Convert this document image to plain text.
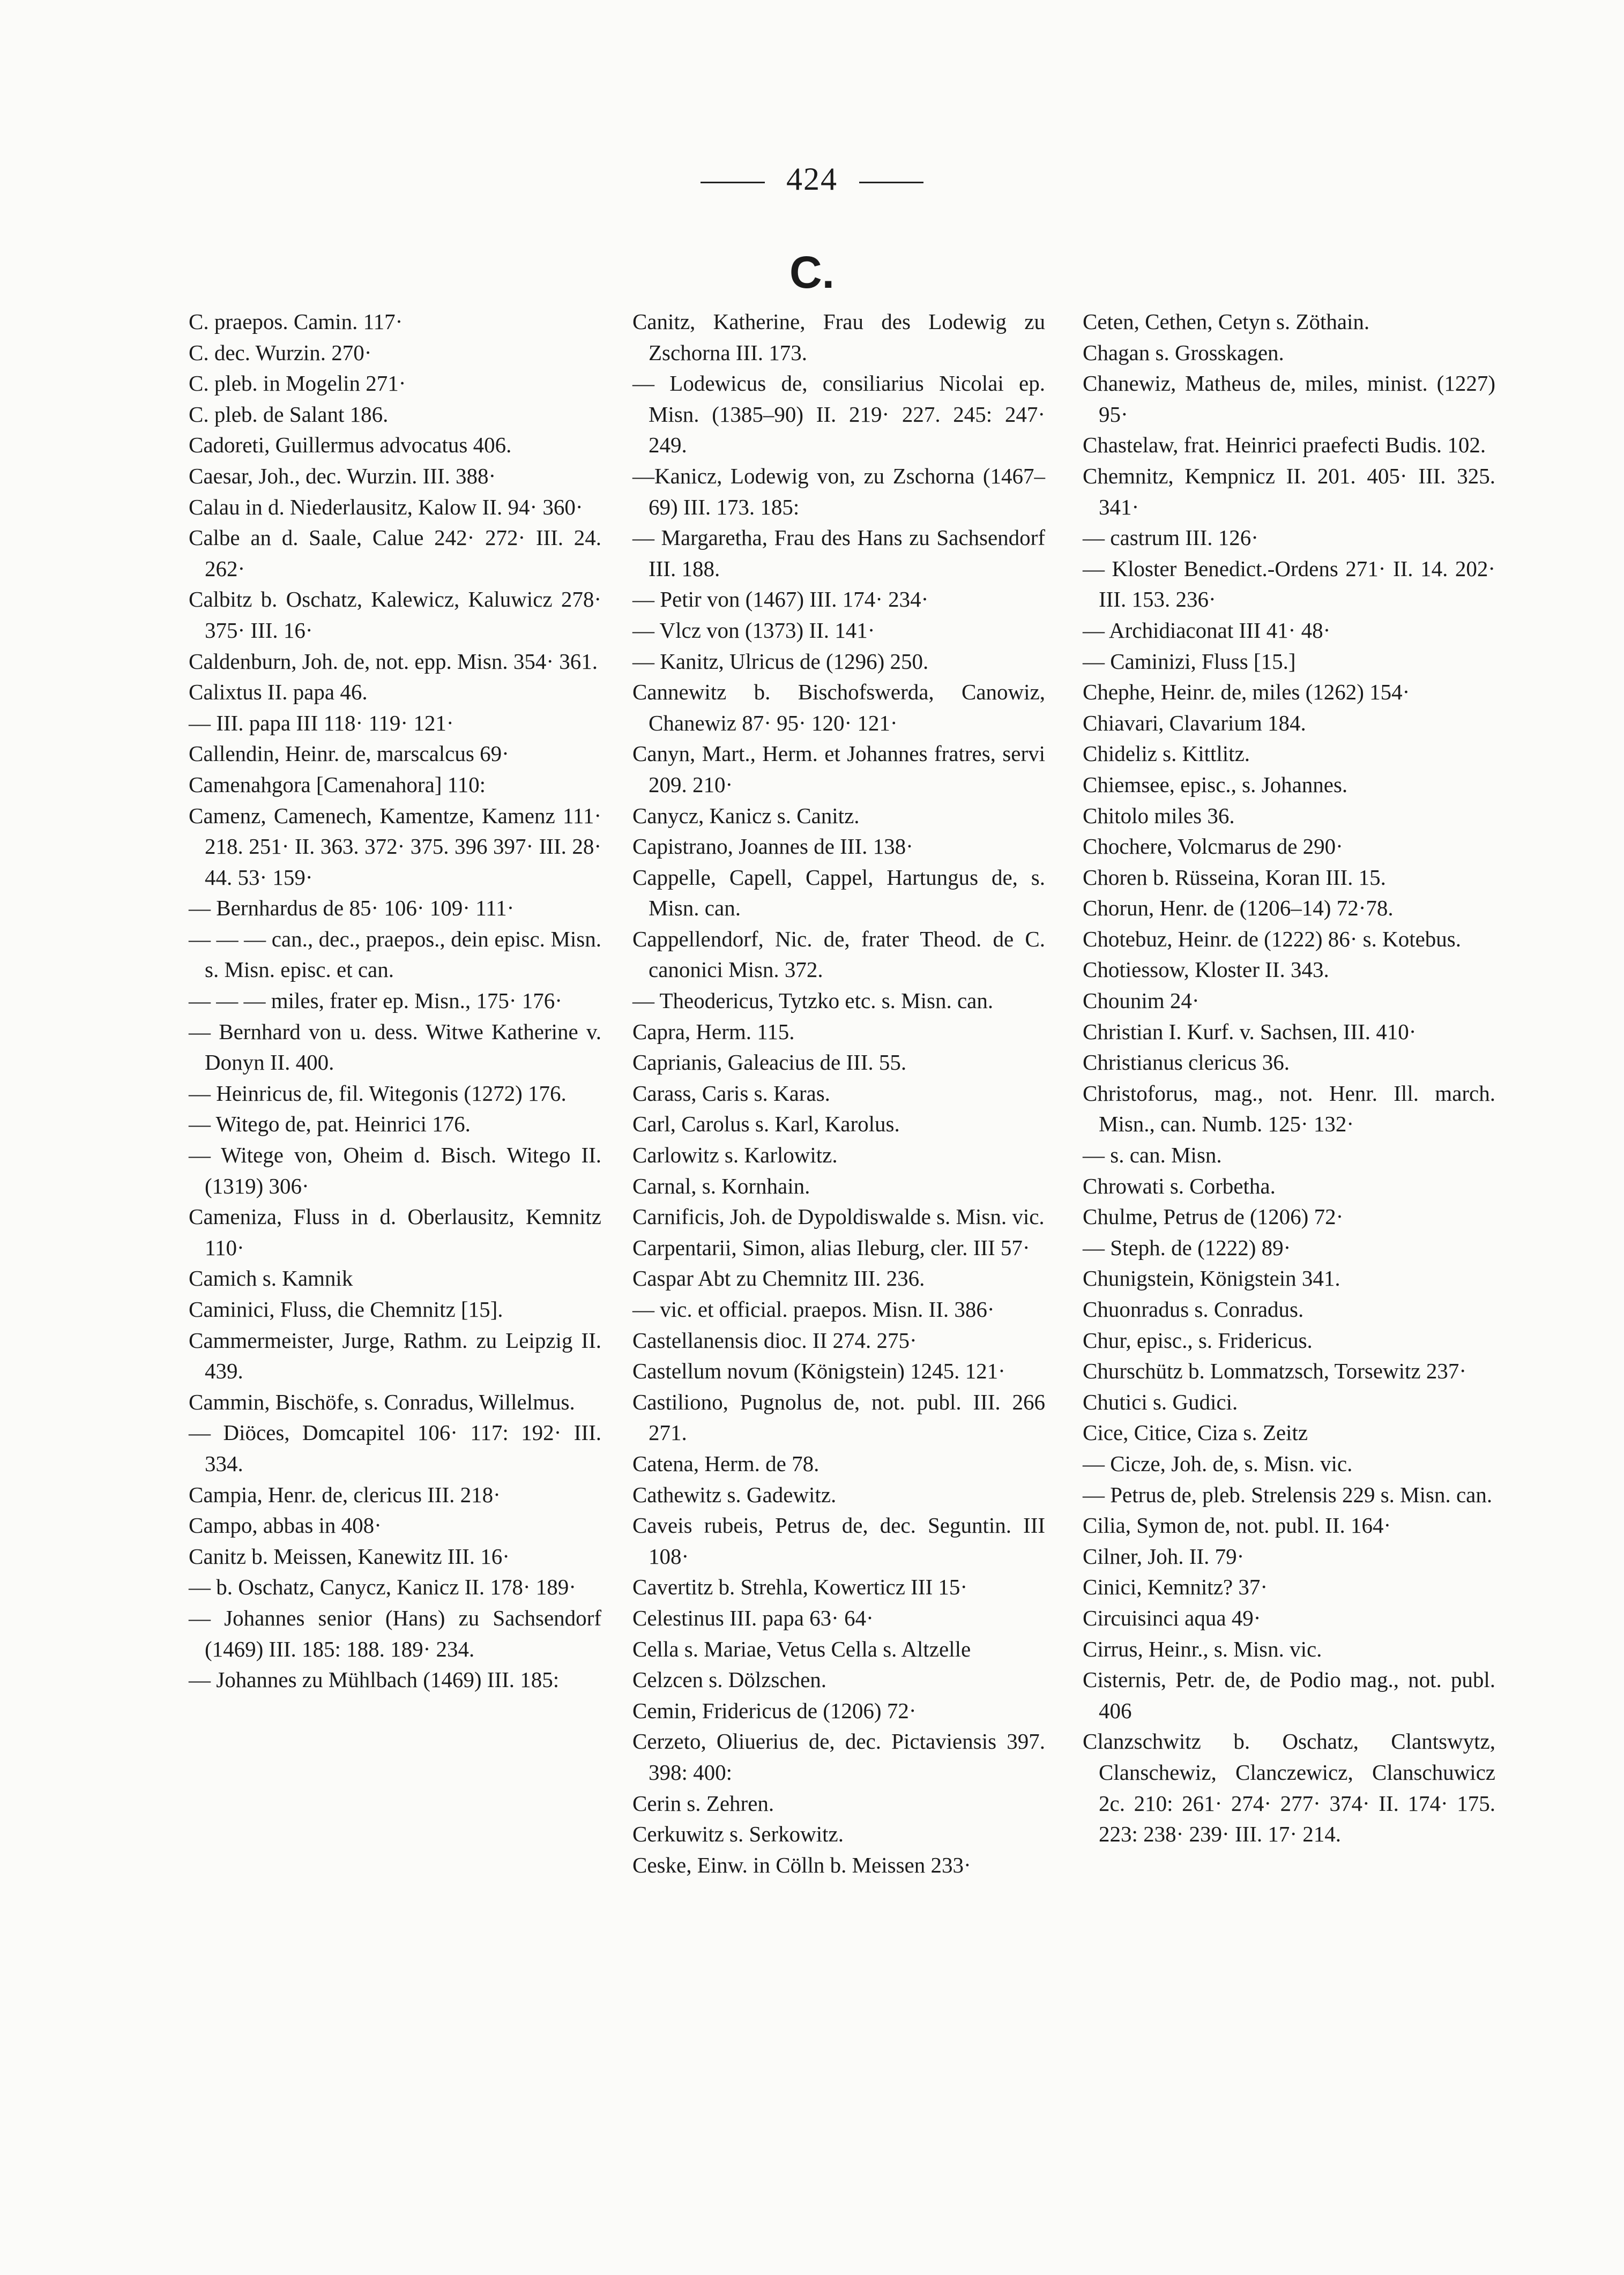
424
C.
C. praepos. Camin. 117·
C. dec. Wurzin. 270·
C. pleb. in Mogelin 271·
C. pleb. de Salant 186.
Cadoreti, Guillermus advocatus 406.
Caesar, Joh., dec. Wurzin. III. 388·
Calau in d. Niederlausitz, Kalow II. 94· 360·
Calbe an d. Saale, Calue 242· 272· III. 24. 262·
Calbitz b. Oschatz, Kalewicz, Kaluwicz 278· 375· III. 16·
Caldenburn, Joh. de, not. epp. Misn. 354· 361.
Calixtus II. papa 46.
— III. papa III 118· 119· 121·
Callendin, Heinr. de, marscalcus 69·
Camenahgora [Camenahora] 110:
Camenz, Camenech, Kamentze, Kamenz 111· 218. 251· II. 363. 372· 375. 396 397· III. 28· 44. 53· 159·
— Bernhardus de 85· 106· 109· 111·
— — — can., dec., praepos., dein episc. Misn. s. Misn. episc. et can.
— — — miles, frater ep. Misn., 175· 176·
— Bernhard von u. dess. Witwe Katherine v. Donyn II. 400.
— Heinricus de, fil. Witegonis (1272) 176.
— Witego de, pat. Heinrici 176.
— Witege von, Oheim d. Bisch. Witego II. (1319) 306·
Cameniza, Fluss in d. Oberlausitz, Kemnitz 110·
Camich s. Kamnik
Caminici, Fluss, die Chemnitz [15].
Cammermeister, Jurge, Rathm. zu Leipzig II. 439.
Cammin, Bischöfe, s. Conradus, Willelmus.
— Diöces, Domcapitel 106· 117: 192· III. 334.
Campia, Henr. de, clericus III. 218·
Campo, abbas in 408·
Canitz b. Meissen, Kanewitz III. 16·
— b. Oschatz, Canycz, Kanicz II. 178· 189·
— Johannes senior (Hans) zu Sachsendorf (1469) III. 185: 188. 189· 234.
— Johannes zu Mühlbach (1469) III. 185:
Canitz, Katherine, Frau des Lodewig zu Zschorna III. 173.
— Lodewicus de, consiliarius Nicolai ep. Misn. (1385–90) II. 219· 227. 245: 247· 249.
—Kanicz, Lodewig von, zu Zschorna (1467–69) III. 173. 185:
— Margaretha, Frau des Hans zu Sachsendorf III. 188.
— Petir von (1467) III. 174· 234·
— Vlcz von (1373) II. 141·
— Kanitz, Ulricus de (1296) 250.
Cannewitz b. Bischofswerda, Canowiz, Chanewiz 87· 95· 120· 121·
Canyn, Mart., Herm. et Johannes fratres, servi 209. 210·
Canycz, Kanicz s. Canitz.
Capistrano, Joannes de III. 138·
Cappelle, Capell, Cappel, Hartungus de, s. Misn. can.
Cappellendorf, Nic. de, frater Theod. de C. canonici Misn. 372.
— Theodericus, Tytzko etc. s. Misn. can.
Capra, Herm. 115.
Caprianis, Galeacius de III. 55.
Carass, Caris s. Karas.
Carl, Carolus s. Karl, Karolus.
Carlowitz s. Karlowitz.
Carnal, s. Kornhain.
Carnificis, Joh. de Dypoldiswalde s. Misn. vic.
Carpentarii, Simon, alias Ileburg, cler. III 57·
Caspar Abt zu Chemnitz III. 236.
— vic. et official. praepos. Misn. II. 386·
Castellanensis dioc. II 274. 275·
Castellum novum (Königstein) 1245. 121·
Castiliono, Pugnolus de, not. publ. III. 266 271.
Catena, Herm. de 78.
Cathewitz s. Gadewitz.
Caveis rubeis, Petrus de, dec. Seguntin. III 108·
Cavertitz b. Strehla, Kowerticz III 15·
Celestinus III. papa 63· 64·
Cella s. Mariae, Vetus Cella s. Altzelle
Celzcen s. Dölzschen.
Cemin, Fridericus de (1206) 72·
Cerzeto, Oliuerius de, dec. Pictaviensis 397. 398: 400:
Cerin s. Zehren.
Cerkuwitz s. Serkowitz.
Ceske, Einw. in Cölln b. Meissen 233·
Ceten, Cethen, Cetyn s. Zöthain.
Chagan s. Grosskagen.
Chanewiz, Matheus de, miles, minist. (1227) 95·
Chastelaw, frat. Heinrici praefecti Budis. 102.
Chemnitz, Kempnicz II. 201. 405· III. 325. 341·
— castrum III. 126·
— Kloster Benedict.-Ordens 271· II. 14. 202· III. 153. 236·
— Archidiaconat III 41· 48·
— Caminizi, Fluss [15.]
Chephe, Heinr. de, miles (1262) 154·
Chiavari, Clavarium 184.
Chideliz s. Kittlitz.
Chiemsee, episc., s. Johannes.
Chitolo miles 36.
Chochere, Volcmarus de 290·
Choren b. Rüsseina, Koran III. 15.
Chorun, Henr. de (1206–14) 72·78.
Chotebuz, Heinr. de (1222) 86· s. Kotebus.
Chotiessow, Kloster II. 343.
Chounim 24·
Christian I. Kurf. v. Sachsen, III. 410·
Christianus clericus 36.
Christoforus, mag., not. Henr. Ill. march. Misn., can. Numb. 125· 132·
— s. can. Misn.
Chrowati s. Corbetha.
Chulme, Petrus de (1206) 72·
— Steph. de (1222) 89·
Chunigstein, Königstein 341.
Chuonradus s. Conradus.
Chur, episc., s. Fridericus.
Churschütz b. Lommatzsch, Torsewitz 237·
Chutici s. Gudici.
Cice, Citice, Ciza s. Zeitz
— Cicze, Joh. de, s. Misn. vic.
— Petrus de, pleb. Strelensis 229 s. Misn. can.
Cilia, Symon de, not. publ. II. 164·
Cilner, Joh. II. 79·
Cinici, Kemnitz? 37·
Circuisinci aqua 49·
Cirrus, Heinr., s. Misn. vic.
Cisternis, Petr. de, de Podio mag., not. publ. 406
Clanzschwitz b. Oschatz, Clantswytz, Clanschewiz, Clanczewicz, Clanschuwicz 2c. 210: 261· 274· 277· 374· II. 174· 175. 223: 238· 239· III. 17· 214.
